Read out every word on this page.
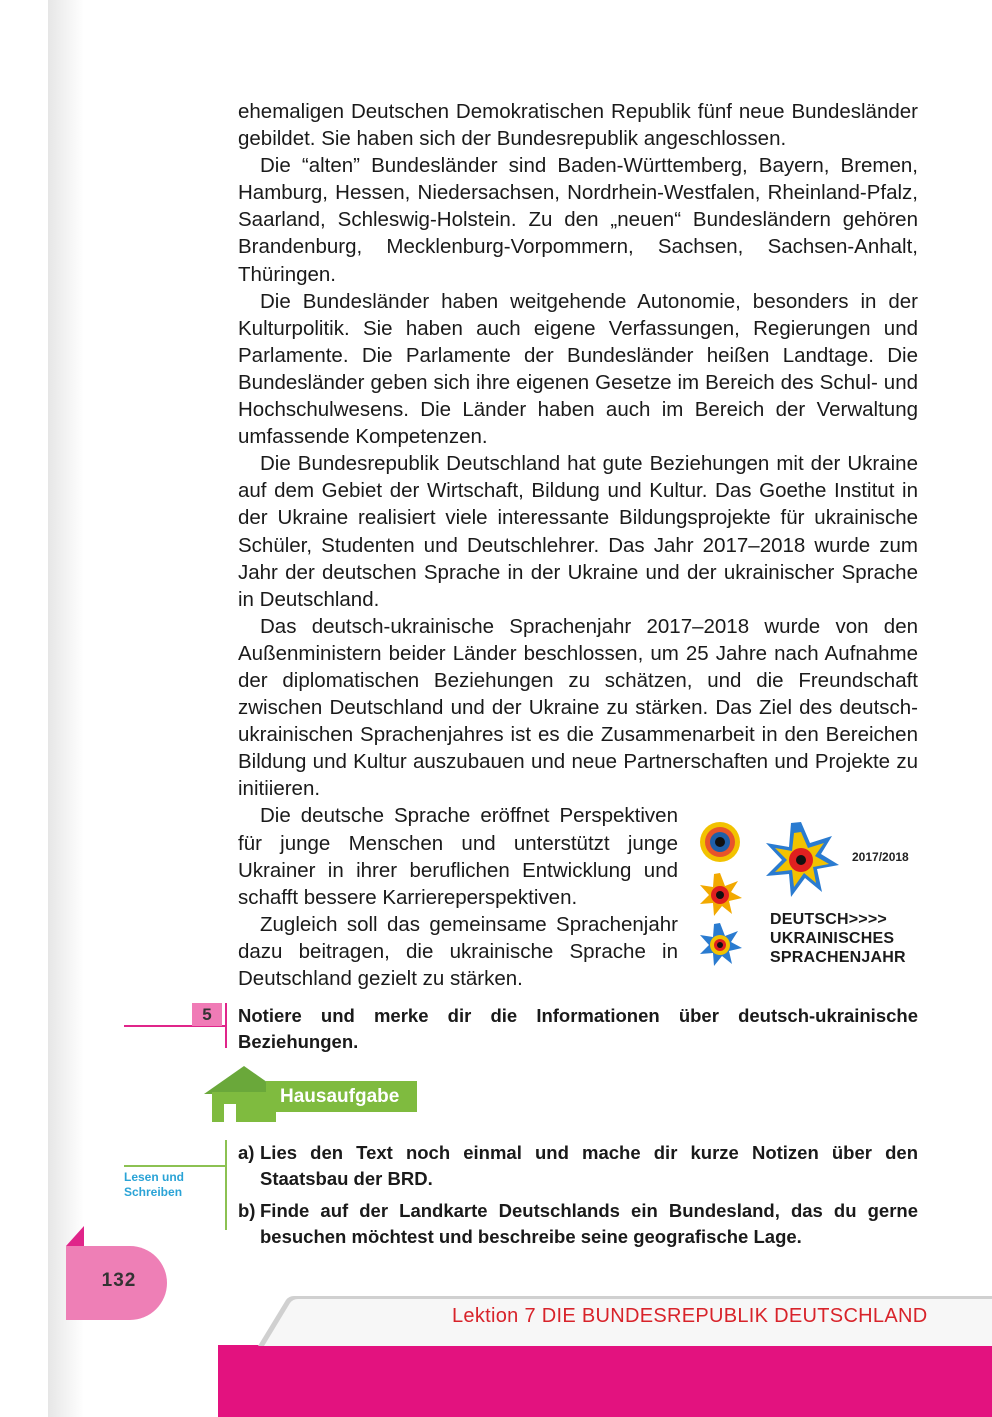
ehemaligen Deutschen Demokratischen Republik fünf neue Bundesländer gebildet. Sie haben sich der Bundesrepublik angeschlossen.

Die “alten” Bundesländer sind Baden-Württemberg, Bayern, Bremen, Hamburg, Hessen, Niedersachsen, Nordrhein-Westfalen, Rheinland-Pfalz, Saarland, Schleswig-Holstein. Zu den „neuen“ Bundesländern gehören Brandenburg, Mecklenburg-Vorpommern, Sachsen, Sachsen-Anhalt, Thüringen.

Die Bundesländer haben weitgehende Autonomie, besonders in der Kulturpolitik. Sie haben auch eigene Verfassungen, Regierungen und Parlamente. Die Parlamente der Bundesländer heißen Landtage. Die Bundesländer geben sich ihre eigenen Gesetze im Bereich des Schul- und Hochschulwesens. Die Länder haben auch im Bereich der Verwaltung umfassende Kompetenzen.

Die Bundesrepublik Deutschland hat gute Beziehungen mit der Ukraine auf dem Gebiet der Wirtschaft, Bildung und Kultur. Das Goethe Institut in der Ukraine realisiert viele interessante Bildungsprojekte für ukrainische Schüler, Studenten und Deutschlehrer. Das Jahr 2017–2018 wurde zum Jahr der deutschen Sprache in der Ukraine und der ukrainischer Sprache in Deutschland.

Das deutsch-ukrainische Sprachenjahr 2017–2018 wurde von den Außenministern beider Länder beschlossen, um 25 Jahre nach Aufnahme der diplomatischen Beziehungen zu schätzen, und die Freundschaft zwischen Deutschland und der Ukraine zu stärken. Das Ziel des deutsch-ukrainischen Sprachenjahres ist es die Zusammenarbeit in den Bereichen Bildung und Kultur auszubauen und neue Partnerschaften und Projekte zu initiieren.

Die deutsche Sprache eröffnet Perspektiven für junge Menschen und unterstützt junge Ukrainer in ihrer beruflichen Entwicklung und schafft bessere Karriereperspektiven.

Zugleich soll das gemeinsame Sprachenjahr dazu beitragen, die ukrainische Sprache in Deutschland gezielt zu stärken.

2017/2018
DEUTSCH>>>>
UKRAINISCHES
SPRACHENJAHR
5	Notiere und merke dir die Informationen über deutsch-ukrainische Beziehungen.
Hausaufgabe
Lesen und
Schreiben
a) Lies den Text noch einmal und mache dir kurze Notizen über den Staatsbau der BRD.
b) Finde auf der Landkarte Deutschlands ein Bundesland, das du gerne besuchen möchtest und beschreibe seine geografische Lage.
132
Lektion 7 DIE BUNDESREPUBLIK DEUTSCHLAND
